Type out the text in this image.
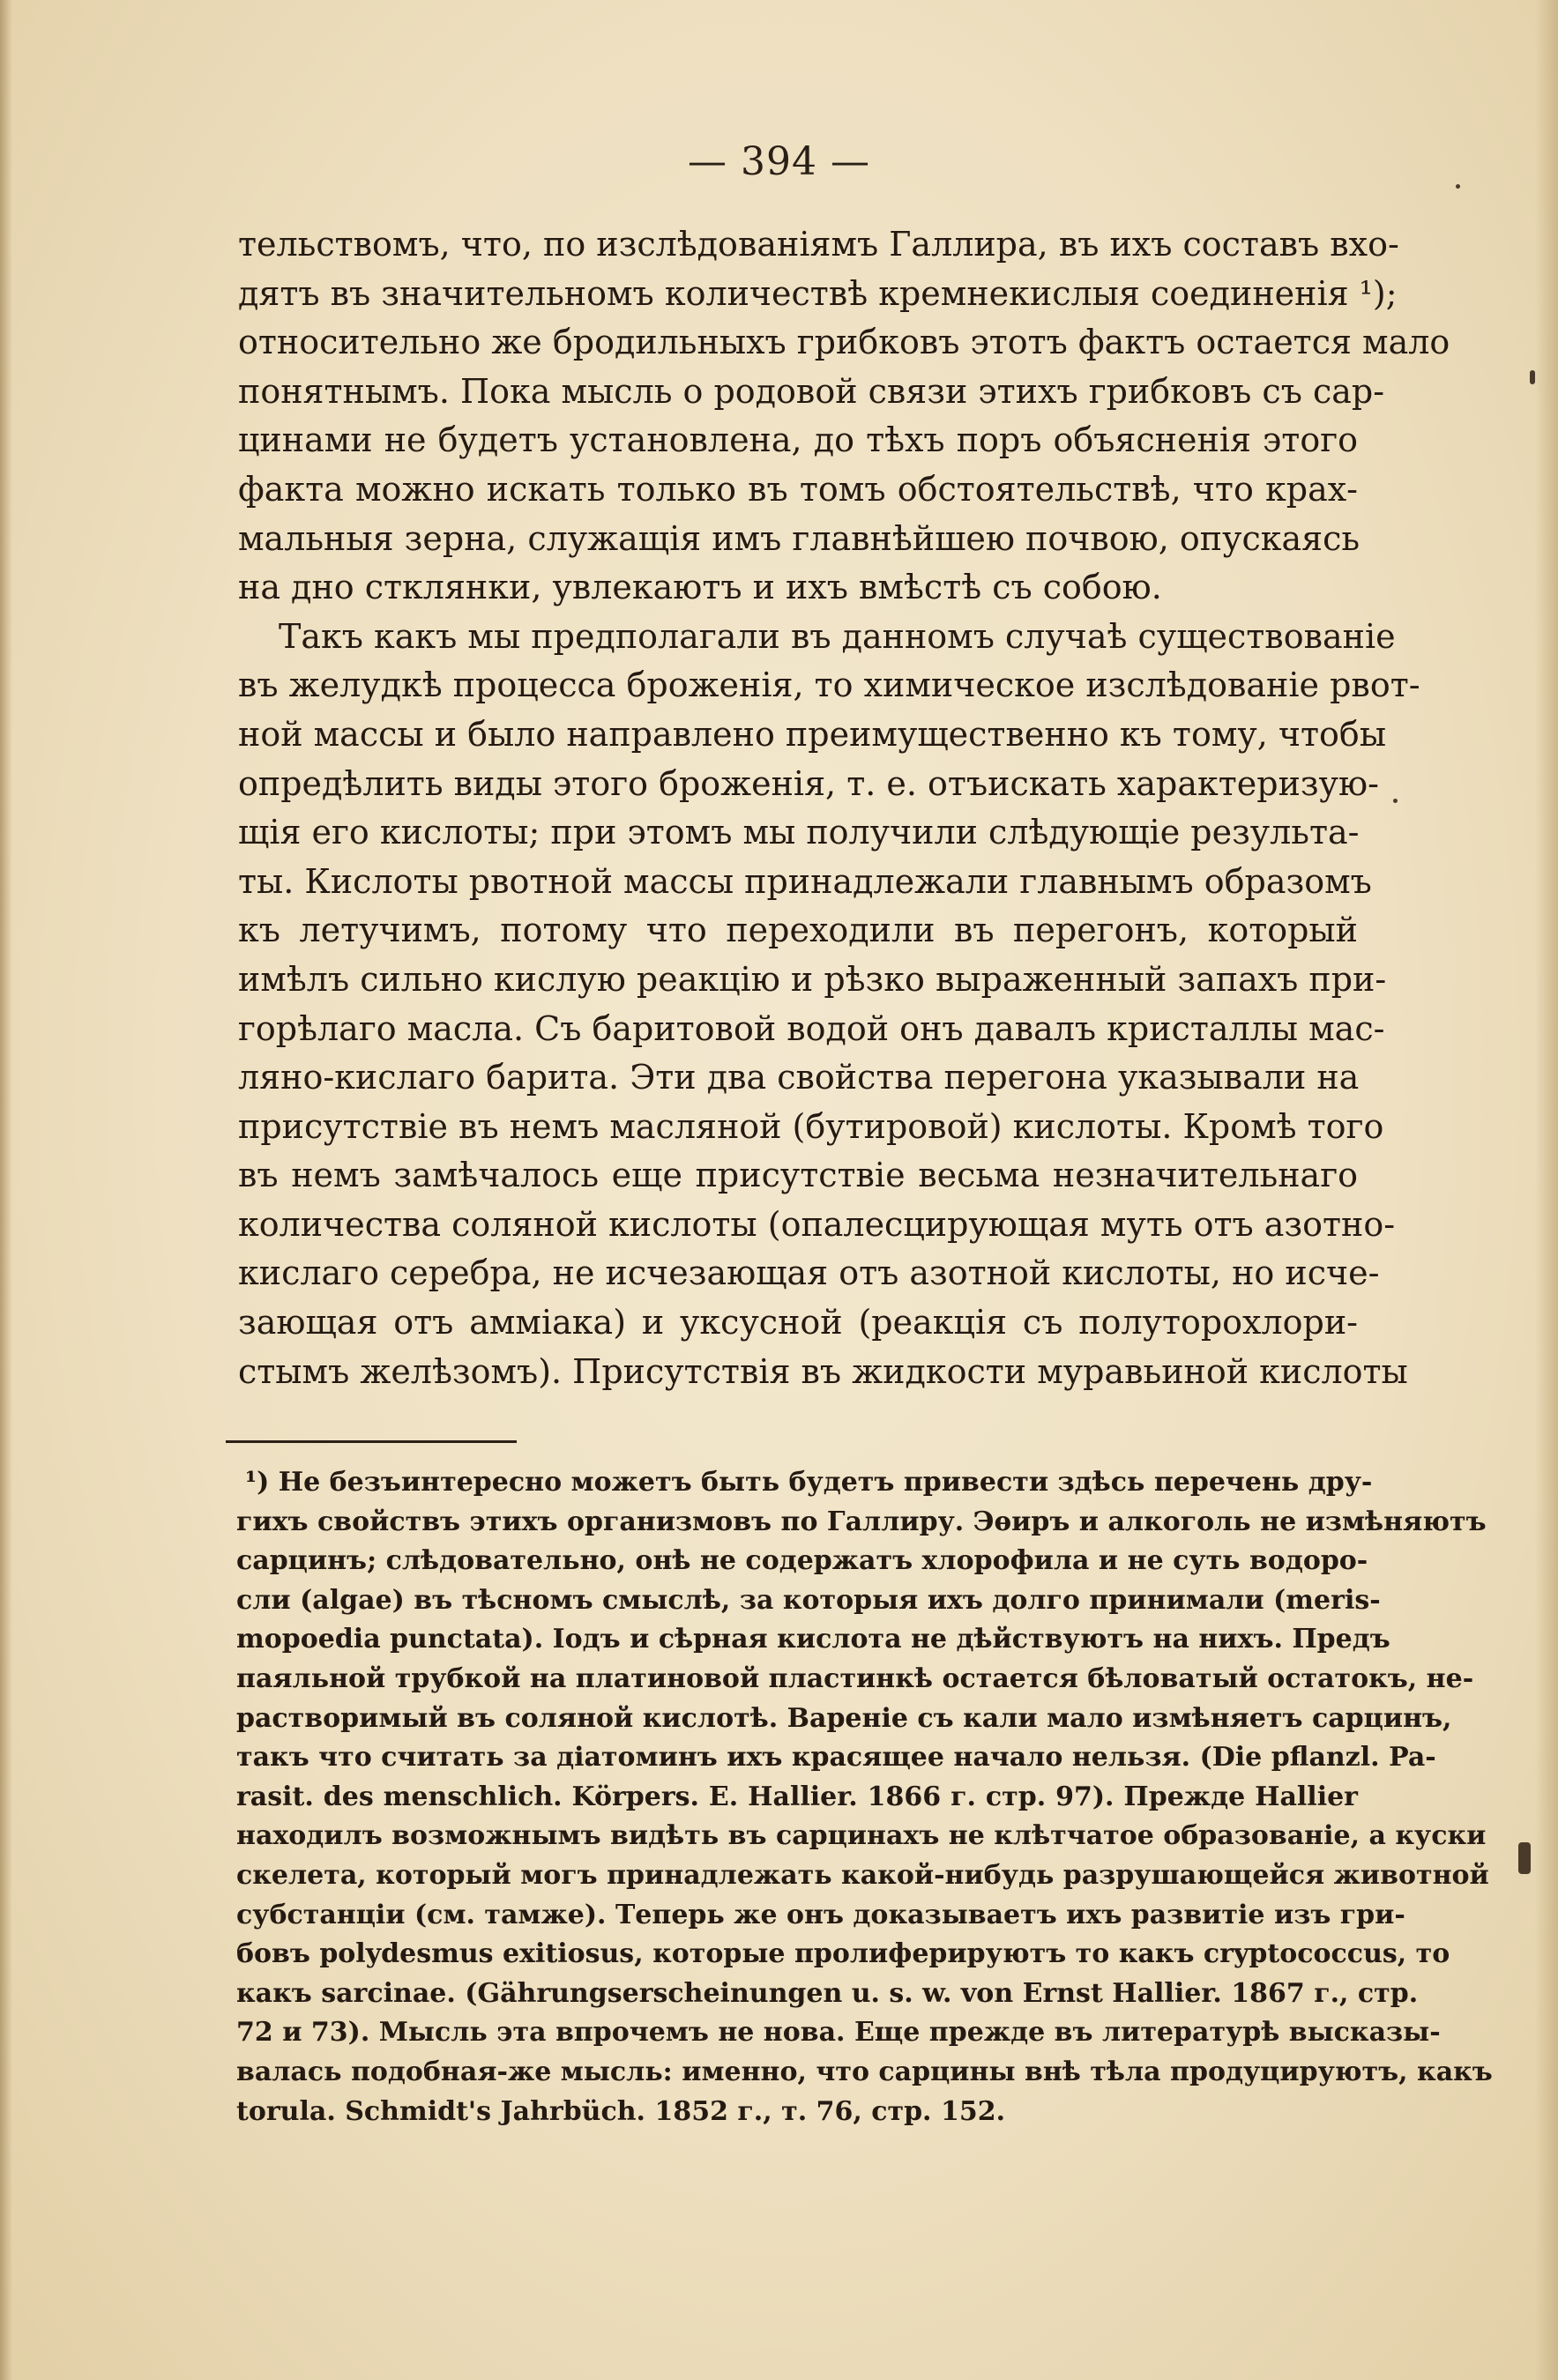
— 394 —
тельствомъ, что, по изслѣдованіямъ Галлира, въ ихъ составъ вхо-
дятъ въ значительномъ количествѣ кремнекислыя соединенія ¹);
относительно же бродильныхъ грибковъ этотъ фактъ остается мало
понятнымъ. Пока мысль о родовой связи этихъ грибковъ съ сар-
цинами не будетъ установлена, до тѣхъ поръ объясненія этого
факта можно искать только въ томъ обстоятельствѣ, что крах-
мальныя зерна, служащія имъ главнѣйшею почвою, опускаясь
на дно стклянки, увлекаютъ и ихъ вмѣстѣ съ собою.
Такъ какъ мы предполагали въ данномъ случаѣ существованіе
въ желудкѣ процесса броженія, то химическое изслѣдованіе рвот-
ной массы и было направлено преимущественно къ тому, чтобы
опредѣлить виды этого броженія, т. е. отъискать характеризую-
щія его кислоты; при этомъ мы получили слѣдующіе результа-
ты. Кислоты рвотной массы принадлежали главнымъ образомъ
къ летучимъ, потому что переходили въ перегонъ, который
имѣлъ сильно кислую реакцію и рѣзко выраженный запахъ при-
горѣлаго масла. Съ баритовой водой онъ давалъ кристаллы мас-
ляно-кислаго барита. Эти два свойства перегона указывали на
присутствіе въ немъ масляной (бутировой) кислоты. Кромѣ того
въ немъ замѣчалось еще присутствіе весьма незначительнаго
количества соляной кислоты (опалесцирующая муть отъ азотно-
кислаго серебра, не исчезающая отъ азотной кислоты, но исче-
зающая отъ аммiака) и уксусной (реакція съ полуторохлори-
стымъ желѣзомъ). Присутствія въ жидкости муравьиной кислоты
¹) Не безъинтересно можетъ быть будетъ привести здѣсь перечень дру-
гихъ свойствъ этихъ организмовъ по Галлиру. Эѳиръ и алкоголь не измѣняютъ
сарцинъ; слѣдовательно, онѣ не содержатъ хлорофила и не суть водоро-
сли (algae) въ тѣсномъ смыслѣ, за которыя ихъ долго принимали (meris-
mopoedia punctata). Іодъ и сѣрная кислота не дѣйствуютъ на нихъ. Предъ
паяльной трубкой на платиновой пластинкѣ остается бѣловатый остатокъ, не-
растворимый въ соляной кислотѣ. Вареніе съ кали мало измѣняетъ сарцинъ,
такъ что считать за діатоминъ ихъ красящее начало нельзя. (Die pflanzl. Pa-
rasit. des menschlich. Körpers. E. Hallier. 1866 г. стр. 97). Прежде Hallier
находилъ возможнымъ видѣть въ сарцинахъ не клѣтчатое образованіе, а куски
скелета, который могъ принадлежать какой-нибудь разрушающейся животной
субстанціи (см. тамже). Теперь же онъ доказываетъ ихъ развитіе изъ гри-
бовъ polydesmus exitiosus, которые пролиферируютъ то какъ cryptococcus, то
какъ sarcinae. (Gährungserscheinungen u. s. w. von Ernst Hallier. 1867 г., стр.
72 и 73). Мысль эта впрочемъ не нова. Еще прежде въ литературѣ высказы-
валась подобная-же мысль: именно, что сарцины внѣ тѣла продуцируютъ, какъ
torula. Schmidt's Jahrbüch. 1852 г., т. 76, стр. 152.
